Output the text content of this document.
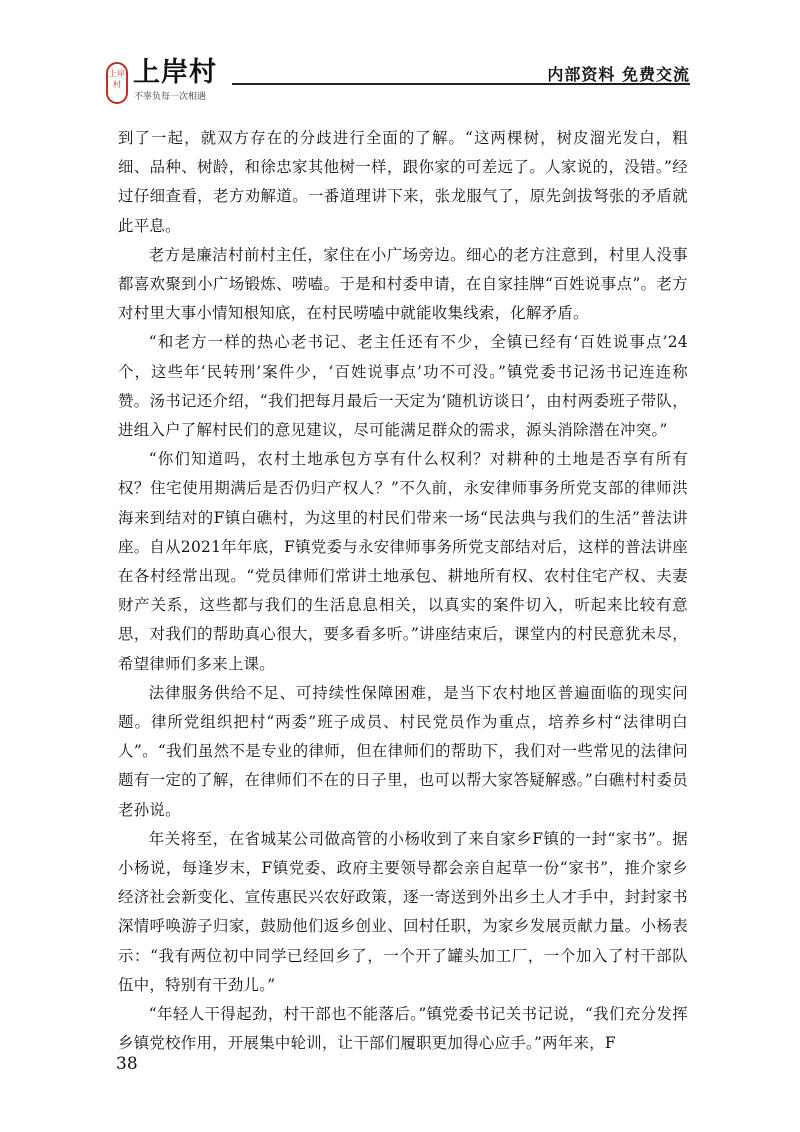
上岸村 上岸村
不辜负每一次相遇
内部资料 免费交流

到了一起，就双方存在的分歧进行全面的了解。“这两棵树，树皮溜光发白，粗细、品种、树龄，和徐忠家其他树一样，跟你家的可差远了。人家说的，没错。”经过仔细查看，老方劝解道。一番道理讲下来，张龙服气了，原先剑拔弩张的矛盾就此平息。

老方是廉洁村前村主任，家住在小广场旁边。细心的老方注意到，村里人没事都喜欢聚到小广场锻炼、唠嗑。于是和村委申请，在自家挂牌“百姓说事点”。老方对村里大事小情知根知底，在村民唠嗑中就能收集线索，化解矛盾。

“和老方一样的热心老书记、老主任还有不少，全镇已经有‘百姓说事点’24个，这些年‘民转刑’案件少，‘百姓说事点’功不可没。”镇党委书记汤书记连连称赞。汤书记还介绍，“我们把每月最后一天定为‘随机访谈日’，由村两委班子带队，进组入户了解村民们的意见建议，尽可能满足群众的需求，源头消除潜在冲突。”

“你们知道吗，农村土地承包方享有什么权利？对耕种的土地是否享有所有权？住宅使用期满后是否仍归产权人？”不久前，永安律师事务所党支部的律师洪海来到结对的F镇白礁村，为这里的村民们带来一场“民法典与我们的生活”普法讲座。自从2021年年底，F镇党委与永安律师事务所党支部结对后，这样的普法讲座在各村经常出现。“党员律师们常讲土地承包、耕地所有权、农村住宅产权、夫妻财产关系，这些都与我们的生活息息相关，以真实的案件切入，听起来比较有意思，对我们的帮助真心很大，要多看多听。”讲座结束后，课堂内的村民意犹未尽，希望律师们多来上课。

法律服务供给不足、可持续性保障困难，是当下农村地区普遍面临的现实问题。律所党组织把村“两委”班子成员、村民党员作为重点，培养乡村“法律明白人”。“我们虽然不是专业的律师，但在律师们的帮助下，我们对一些常见的法律问题有一定的了解，在律师们不在的日子里，也可以帮大家答疑解惑。”白礁村村委员老孙说。

年关将至，在省城某公司做高管的小杨收到了来自家乡F镇的一封“家书”。据小杨说，每逢岁末，F镇党委、政府主要领导都会亲自起草一份“家书”，推介家乡经济社会新变化、宣传惠民兴农好政策，逐一寄送到外出乡土人才手中，封封家书深情呼唤游子归家，鼓励他们返乡创业、回村任职，为家乡发展贡献力量。小杨表示：“我有两位初中同学已经回乡了，一个开了罐头加工厂，一个加入了村干部队伍中，特别有干劲儿。”

“年轻人干得起劲，村干部也不能落后。”镇党委书记关书记说，“我们充分发挥乡镇党校作用，开展集中轮训，让干部们履职更加得心应手。”两年来，F

38
